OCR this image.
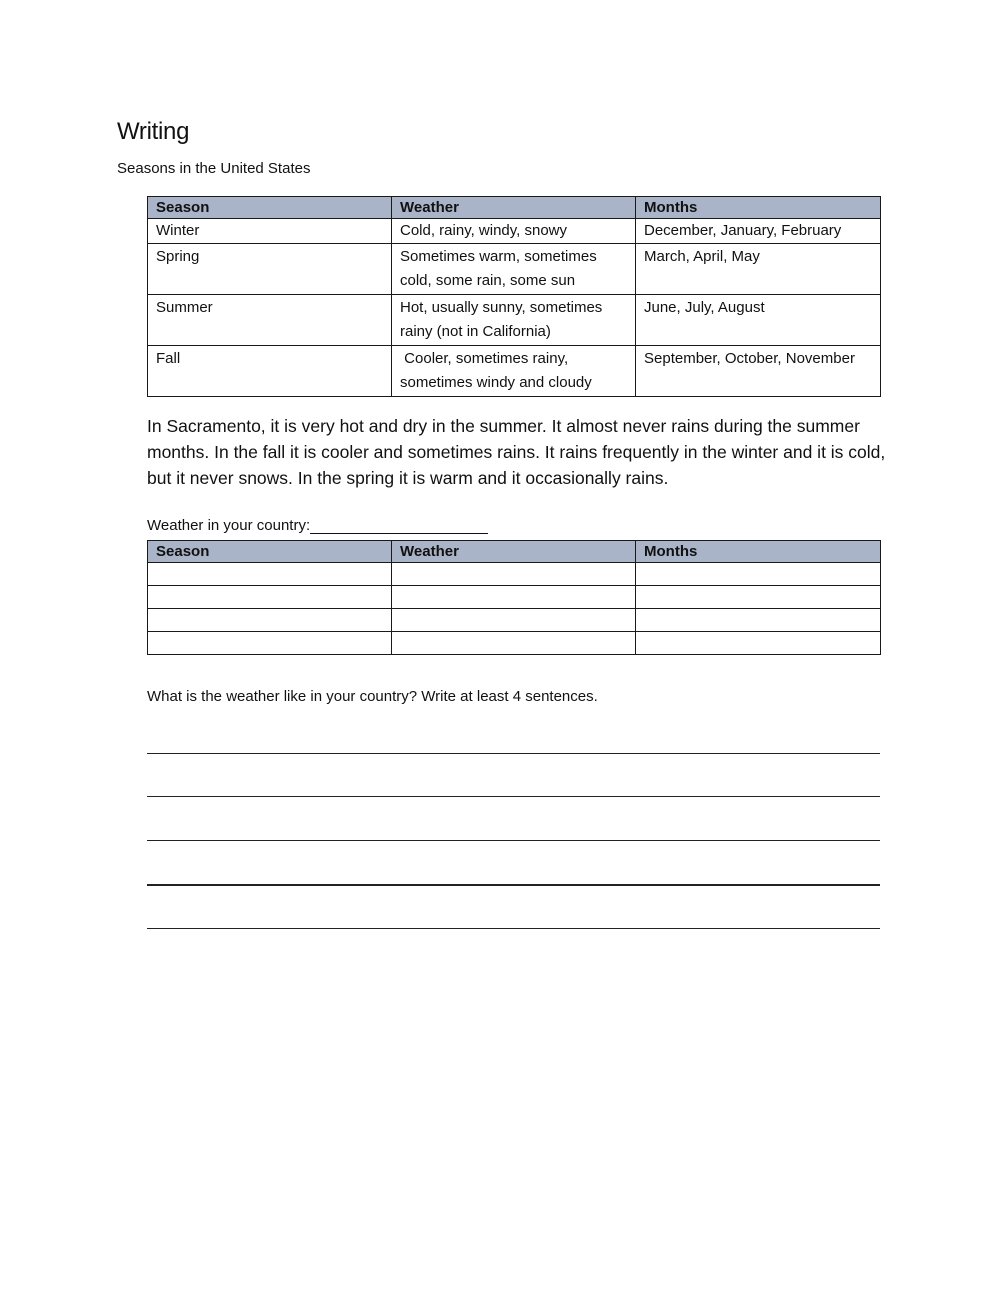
Writing
Seasons in the United States
Season	Weather	Months
Winter	Cold, rainy, windy, snowy	December, January, February
Spring	Sometimes warm, sometimes cold, some rain, some sun	March, April, May
Summer	Hot, usually sunny, sometimes rainy (not in California)	June, July, August
Fall	Cooler, sometimes rainy, sometimes windy and cloudy	September, October, November
In Sacramento, it is very hot and dry in the summer. It almost never rains during the summer months. In the fall it is cooler and sometimes rains. It rains frequently in the winter and it is cold, but it never snows. In the spring it is warm and it occasionally rains.
Weather in your country:
Season	Weather	Months

What is the weather like in your country? Write at least 4 sentences.
